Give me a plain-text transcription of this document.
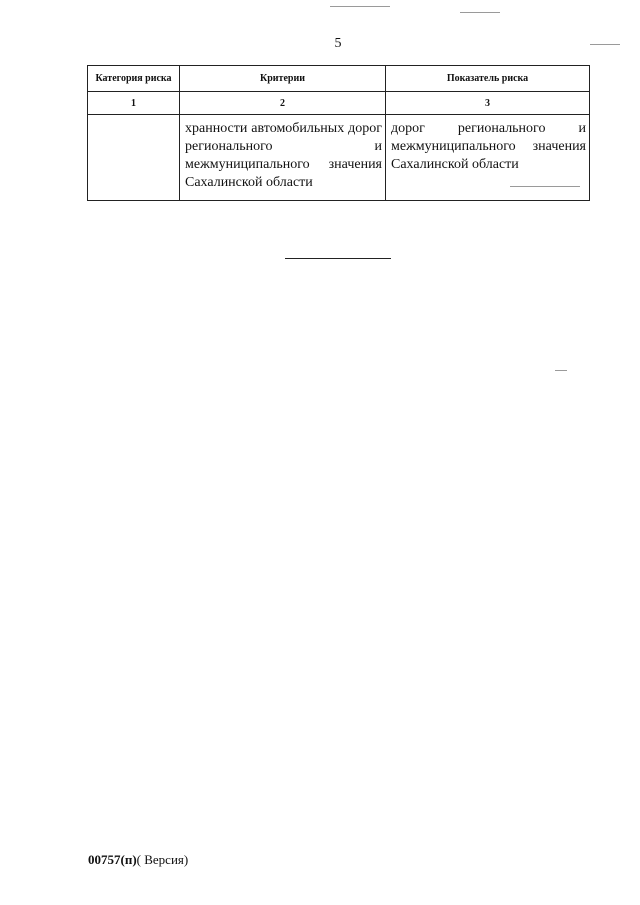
5
Категория риска	Критерии	Показатель риска
1	2	3
	хранности автомобильных дорог регионального и межмуниципального значения Сахалинской области	дорог регионального и межмуниципального значения Сахалинской области
00757(п)( Версия)
